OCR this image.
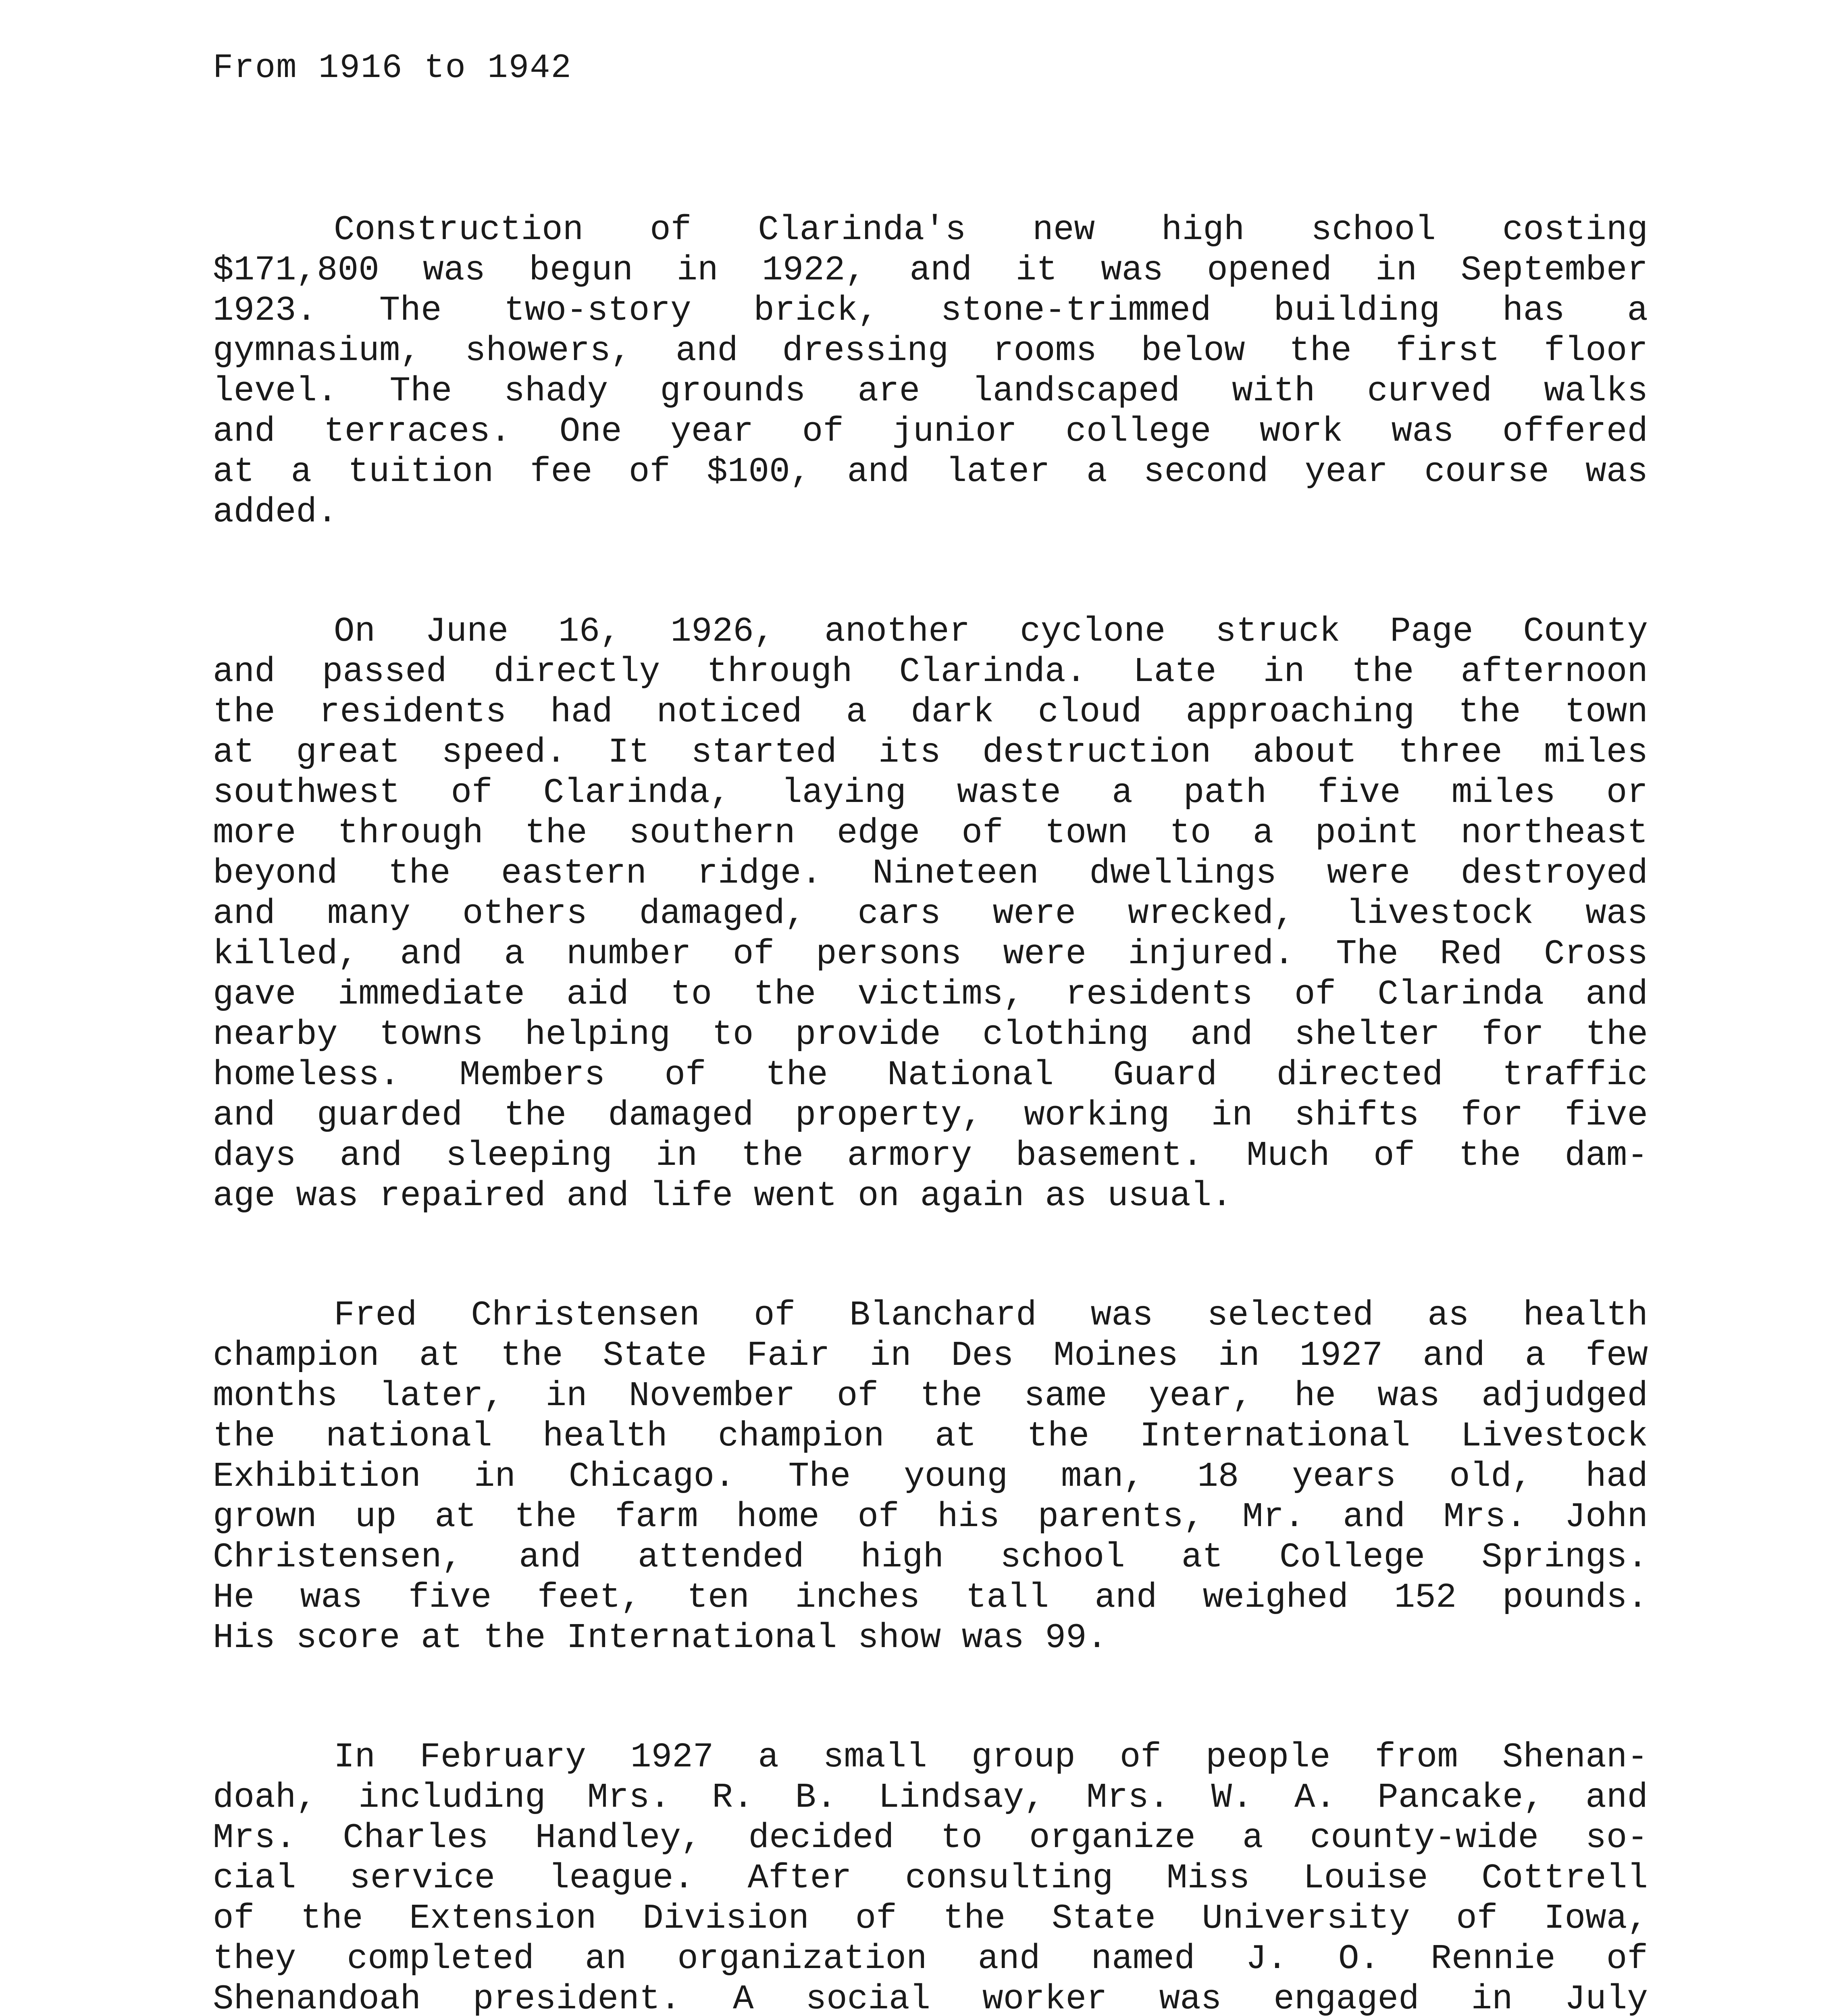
From 1916 to 1942
Construction of Clarinda's new high school costing
$171,800 was begun in 1922, and it was opened in September
1923. The two-story brick, stone-trimmed building has a
gymnasium, showers, and dressing rooms below the first floor
level. The shady grounds are landscaped with curved walks
and terraces. One year of junior college work was offered
at a tuition fee of $100, and later a second year course was
added.
On June 16, 1926, another cyclone struck Page County
and passed directly through Clarinda. Late in the afternoon
the residents had noticed a dark cloud approaching the town
at great speed. It started its destruction about three miles
southwest of Clarinda, laying waste a path five miles or
more through the southern edge of town to a point northeast
beyond the eastern ridge. Nineteen dwellings were destroyed
and many others damaged, cars were wrecked, livestock was
killed, and a number of persons were injured. The Red Cross
gave immediate aid to the victims, residents of Clarinda and
nearby towns helping to provide clothing and shelter for the
homeless. Members of the National Guard directed traffic
and guarded the damaged property, working in shifts for five
days and sleeping in the armory basement. Much of the dam-
age was repaired and life went on again as usual.
Fred Christensen of Blanchard was selected as health
champion at the State Fair in Des Moines in 1927 and a few
months later, in November of the same year, he was adjudged
the national health champion at the International Livestock
Exhibition in Chicago. The young man, 18 years old, had
grown up at the farm home of his parents, Mr. and Mrs. John
Christensen, and attended high school at College Springs.
He was five feet, ten inches tall and weighed 152 pounds.
His score at the International show was 99.
In February 1927 a small group of people from Shenan-
doah, including Mrs. R. B. Lindsay, Mrs. W. A. Pancake, and
Mrs. Charles Handley, decided to organize a county-wide so-
cial service league. After consulting Miss Louise Cottrell
of the Extension Division of the State University of Iowa,
they completed an organization and named J. O. Rennie of
Shenandoah president. A social worker was engaged in July
